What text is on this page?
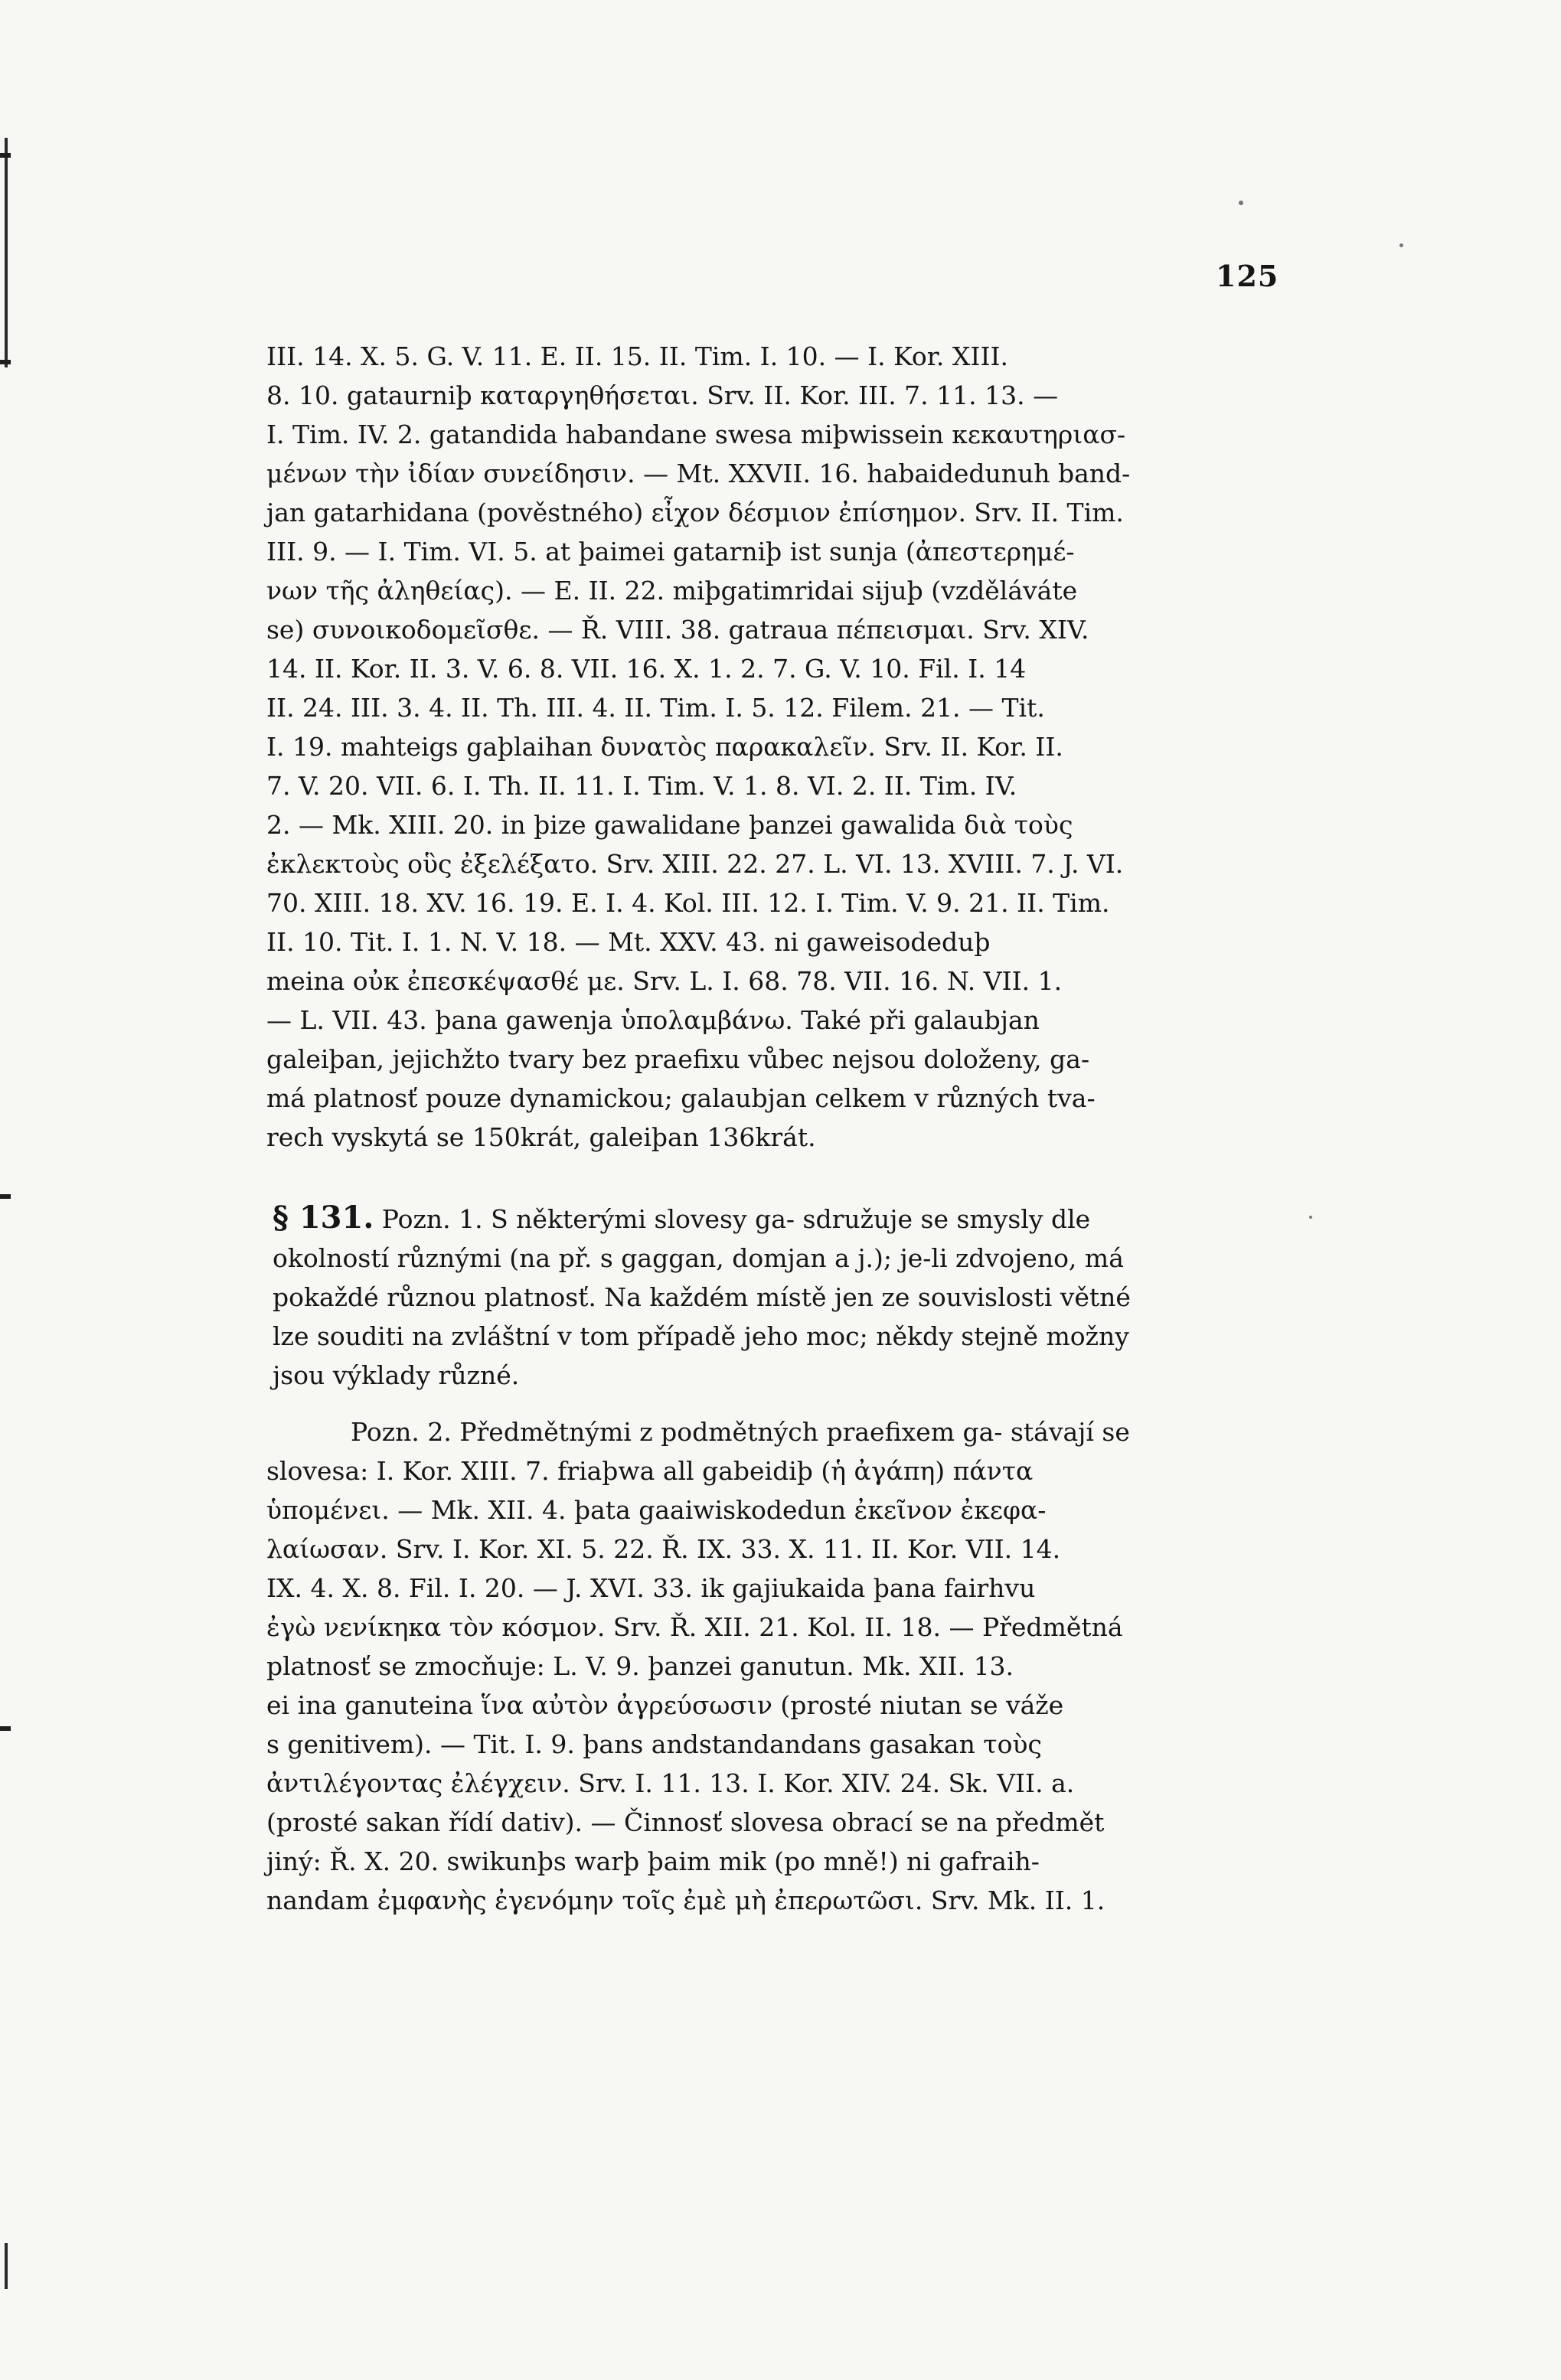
125
III. 14. X. 5. G. V. 11. E. II. 15. II. Tim. I. 10. — I. Kor. XIII.
8. 10. gataurniþ καταργηθήσεται. Srv. II. Kor. III. 7. 11. 13. —
I. Tim. IV. 2. gatandida habandane swesa miþwissein κεκαυτηριασ-
μένων τὴν ἰδίαν συνείδησιν. — Mt. XXVII. 16. habaidedunuh band-
jan gatarhidana (pověstného) εἶχον δέσμιον ἐπίσημον. Srv. II. Tim.
III. 9. — I. Tim. VI. 5. at þaimei gatarniþ ist sunja (ἀπεστερημέ-
νων τῆς ἀληθείας). — E. II. 22. miþgatimridai sijuþ (vzděláváte
se) συνοικοδομεῖσθε. — Ř. VIII. 38. gatraua πέπεισμαι. Srv. XIV.
14. II. Kor. II. 3. V. 6. 8. VII. 16. X. 1. 2. 7. G. V. 10. Fil. I. 14
II. 24. III. 3. 4. II. Th. III. 4. II. Tim. I. 5. 12. Filem. 21. — Tit.
I. 19. mahteigs gaþlaihan δυνατὸς παρακαλεῖν. Srv. II. Kor. II.
7. V. 20. VII. 6. I. Th. II. 11. I. Tim. V. 1. 8. VI. 2. II. Tim. IV.
2. — Mk. XIII. 20. in þize gawalidane þanzei gawalida διὰ τοὺς
ἐκλεκτοὺς οὓς ἐξελέξατο. Srv. XIII. 22. 27. L. VI. 13. XVIII. 7. J. VI.
70. XIII. 18. XV. 16. 19. E. I. 4. Kol. III. 12. I. Tim. V. 9. 21. II. Tim.
II. 10. Tit. I. 1. N. V. 18. — Mt. XXV. 43. ni gaweisodeduþ
meina οὐκ ἐπεσκέψασθέ με. Srv. L. I. 68. 78. VII. 16. N. VII. 1.
— L. VII. 43. þana gawenja ὑπολαμβάνω. Také při galaubjan
galeiþan, jejichžto tvary bez praefixu vůbec nejsou doloženy, ga-
má platnosť pouze dynamickou; galaubjan celkem v různých tva-
rech vyskytá se 150krát, galeiþan 136krát.
§ 131. Pozn. 1. S některými slovesy ga- sdružuje se smysly dle
okolností různými (na př. s gaggan, domjan a j.); je-li zdvojeno, má
pokaždé různou platnosť. Na každém místě jen ze souvislosti větné
lze souditi na zvláštní v tom případě jeho moc; někdy stejně možny
jsou výklady různé.
Pozn. 2. Předmětnými z podmětných praefixem ga- stávají se
slovesa: I. Kor. XIII. 7. friaþwa all gabeidiþ (ἡ ἀγάπη) πάντα
ὑπομένει. — Mk. XII. 4. þata gaaiwiskodedun ἐκεῖνον ἐκεφα-
λαίωσαν. Srv. I. Kor. XI. 5. 22. Ř. IX. 33. X. 11. II. Kor. VII. 14.
IX. 4. X. 8. Fil. I. 20. — J. XVI. 33. ik gajiukaida þana fairhvu
ἐγὼ νενίκηκα τὸν κόσμον. Srv. Ř. XII. 21. Kol. II. 18. — Předmětná
platnosť se zmocňuje: L. V. 9. þanzei ganutun. Mk. XII. 13.
ei ina ganuteina ἵνα αὐτὸν ἀγρεύσωσιν (prosté niutan se váže
s genitivem). — Tit. I. 9. þans andstandandans gasakan τοὺς
ἀντιλέγοντας ἐλέγχειν. Srv. I. 11. 13. I. Kor. XIV. 24. Sk. VII. a.
(prosté sakan řídí dativ). — Činnosť slovesa obrací se na předmět
jiný: Ř. X. 20. swikunþs warþ þaim mik (po mně!) ni gafraih-
nandam ἐμφανὴς ἐγενόμην τοῖς ἐμὲ μὴ ἐπερωτῶσι. Srv. Mk. II. 1.
